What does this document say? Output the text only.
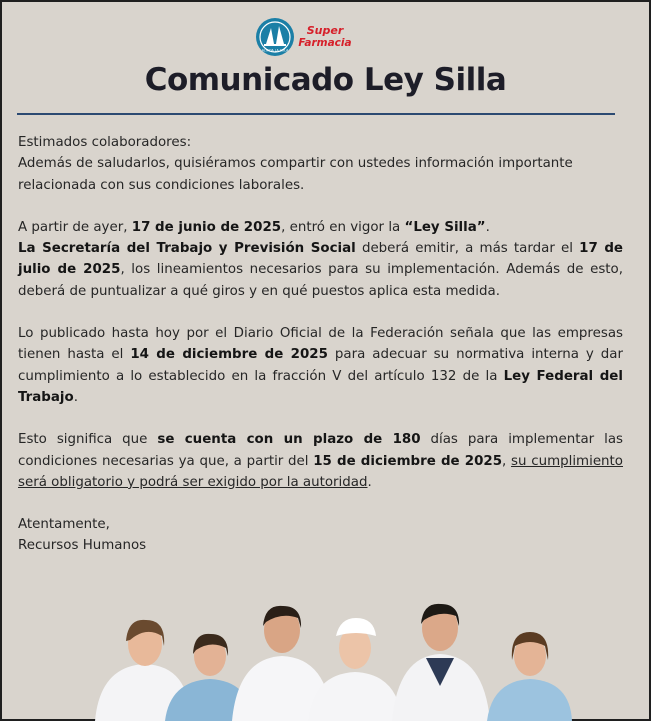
ALTADA LA SOLA
Super
Farmacia
Comunicado Ley Silla

Estimados colaboradores:
Además de saludarlos, quisiéramos compartir con ustedes información importante relacionada con sus condiciones laborales.

A partir de ayer, 17 de junio de 2025, entró en vigor la “Ley Silla”.
La Secretaría del Trabajo y Previsión Social deberá emitir, a más tardar el 17 de julio de 2025, los lineamientos necesarios para su implementación. Además de esto, deberá de puntualizar a qué giros y en qué puestos aplica esta medida.

Lo publicado hasta hoy por el Diario Oficial de la Federación señala que las empresas tienen hasta el 14 de diciembre de 2025 para adecuar su normativa interna y dar cumplimiento a lo establecido en la fracción V del artículo 132 de la Ley Federal del Trabajo.

Esto significa que se cuenta con un plazo de 180 días para implementar las condiciones necesarias ya que, a partir del 15 de diciembre de 2025, su cumplimiento será obligatorio y podrá ser exigido por la autoridad.

Atentamente,
Recursos Humanos
